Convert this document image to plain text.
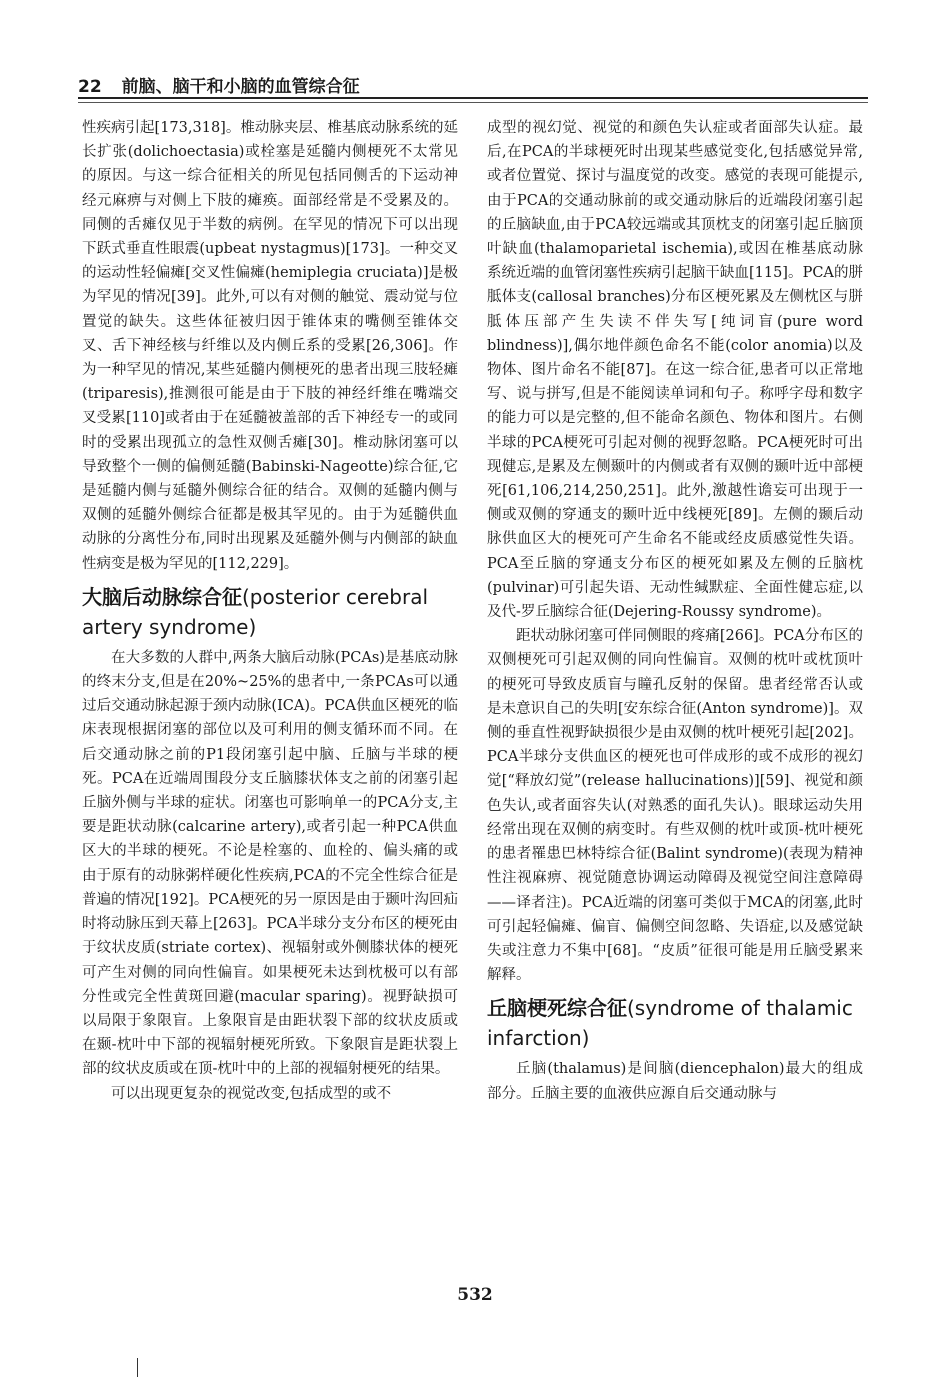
22 前脑、脑干和小脑的血管综合征

性疾病引起[173,318]。椎动脉夹层、椎基底动脉系统的延长扩张(dolichoectasia)或栓塞是延髓内侧梗死不太常见的原因。与这一综合征相关的所见包括同侧舌的下运动神经元麻痹与对侧上下肢的瘫痪。面部经常是不受累及的。同侧的舌瘫仅见于半数的病例。在罕见的情况下可以出现下跃式垂直性眼震(upbeat nystagmus)[173]。一种交叉的运动性轻偏瘫[交叉性偏瘫(hemiplegia cruciata)]是极为罕见的情况[39]。此外,可以有对侧的触觉、震动觉与位置觉的缺失。这些体征被归因于锥体束的嘴侧至锥体交叉、舌下神经核与纤维以及内侧丘系的受累[26,306]。作为一种罕见的情况,某些延髓内侧梗死的患者出现三肢轻瘫(triparesis),推测很可能是由于下肢的神经纤维在嘴端交叉受累[110]或者由于在延髓被盖部的舌下神经专一的或同时的受累出现孤立的急性双侧舌瘫[30]。椎动脉闭塞可以导致整个一侧的偏侧延髓(Babinski-Nageotte)综合征,它是延髓内侧与延髓外侧综合征的结合。双侧的延髓内侧与双侧的延髓外侧综合征都是极其罕见的。由于为延髓供血动脉的分离性分布,同时出现累及延髓外侧与内侧部的缺血性病变是极为罕见的[112,229]。

大脑后动脉综合征(posterior cerebral artery syndrome)

在大多数的人群中,两条大脑后动脉(PCAs)是基底动脉的终末分支,但是在20%~25%的患者中,一条PCAs可以通过后交通动脉起源于颈内动脉(ICA)。PCA供血区梗死的临床表现根据闭塞的部位以及可利用的侧支循环而不同。在后交通动脉之前的P1段闭塞引起中脑、丘脑与半球的梗死。PCA在近端周围段分支丘脑膝状体支之前的闭塞引起丘脑外侧与半球的症状。闭塞也可影响单一的PCA分支,主要是距状动脉(calcarine artery),或者引起一种PCA供血区大的半球的梗死。不论是栓塞的、血栓的、偏头痛的或由于原有的动脉粥样硬化性疾病,PCA的不完全性综合征是普遍的情况[192]。PCA梗死的另一原因是由于颞叶沟回疝时将动脉压到天幕上[263]。PCA半球分支分布区的梗死由于纹状皮质(striate cortex)、视辐射或外侧膝状体的梗死可产生对侧的同向性偏盲。如果梗死未达到枕极可以有部分性或完全性黄斑回避(macular sparing)。视野缺损可以局限于象限盲。上象限盲是由距状裂下部的纹状皮质或在颞-枕叶中下部的视辐射梗死所致。下象限盲是距状裂上部的纹状皮质或在顶-枕叶中的上部的视辐射梗死的结果。

可以出现更复杂的视觉改变,包括成型的或不

成型的视幻觉、视觉的和颜色失认症或者面部失认症。最后,在PCA的半球梗死时出现某些感觉变化,包括感觉异常,或者位置觉、探讨与温度觉的改变。感觉的表现可能提示,由于PCA的交通动脉前的或交通动脉后的近端段闭塞引起的丘脑缺血,由于PCA较远端或其顶枕支的闭塞引起丘脑顶叶缺血(thalamoparietal ischemia),或因在椎基底动脉系统近端的血管闭塞性疾病引起脑干缺血[115]。PCA的胼胝体支(callosal branches)分布区梗死累及左侧枕区与胼胝体压部产生失读不伴失写[纯词盲(pure word blindness)],偶尔地伴颜色命名不能(color anomia)以及物体、图片命名不能[87]。在这一综合征,患者可以正常地写、说与拼写,但是不能阅读单词和句子。称呼字母和数字的能力可以是完整的,但不能命名颜色、物体和图片。右侧半球的PCA梗死可引起对侧的视野忽略。PCA梗死时可出现健忘,是累及左侧颞叶的内侧或者有双侧的颞叶近中部梗死[61,106,214,250,251]。此外,激越性谵妄可出现于一侧或双侧的穿通支的颞叶近中线梗死[89]。左侧的颞后动脉供血区大的梗死可产生命名不能或经皮质感觉性失语。PCA至丘脑的穿通支分布区的梗死如累及左侧的丘脑枕(pulvinar)可引起失语、无动性缄默症、全面性健忘症,以及代-罗丘脑综合征(Dejering-Roussy syndrome)。

距状动脉闭塞可伴同侧眼的疼痛[266]。PCA分布区的双侧梗死可引起双侧的同向性偏盲。双侧的枕叶或枕顶叶的梗死可导致皮质盲与瞳孔反射的保留。患者经常否认或是未意识自己的失明[安东综合征(Anton syndrome)]。双侧的垂直性视野缺损很少是由双侧的枕叶梗死引起[202]。PCA半球分支供血区的梗死也可伴成形的或不成形的视幻觉[“释放幻觉”(release hallucinations)][59]、视觉和颜色失认,或者面容失认(对熟悉的面孔失认)。眼球运动失用经常出现在双侧的病变时。有些双侧的枕叶或顶-枕叶梗死的患者罹患巴林特综合征(Balint syndrome)(表现为精神性注视麻痹、视觉随意协调运动障碍及视觉空间注意障碍——译者注)。PCA近端的闭塞可类似于MCA的闭塞,此时可引起轻偏瘫、偏盲、偏侧空间忽略、失语症,以及感觉缺失或注意力不集中[68]。“皮质”征很可能是用丘脑受累来解释。

丘脑梗死综合征(syndrome of thalamic infarction)

丘脑(thalamus)是间脑(diencephalon)最大的组成部分。丘脑主要的血液供应源自后交通动脉与

532
